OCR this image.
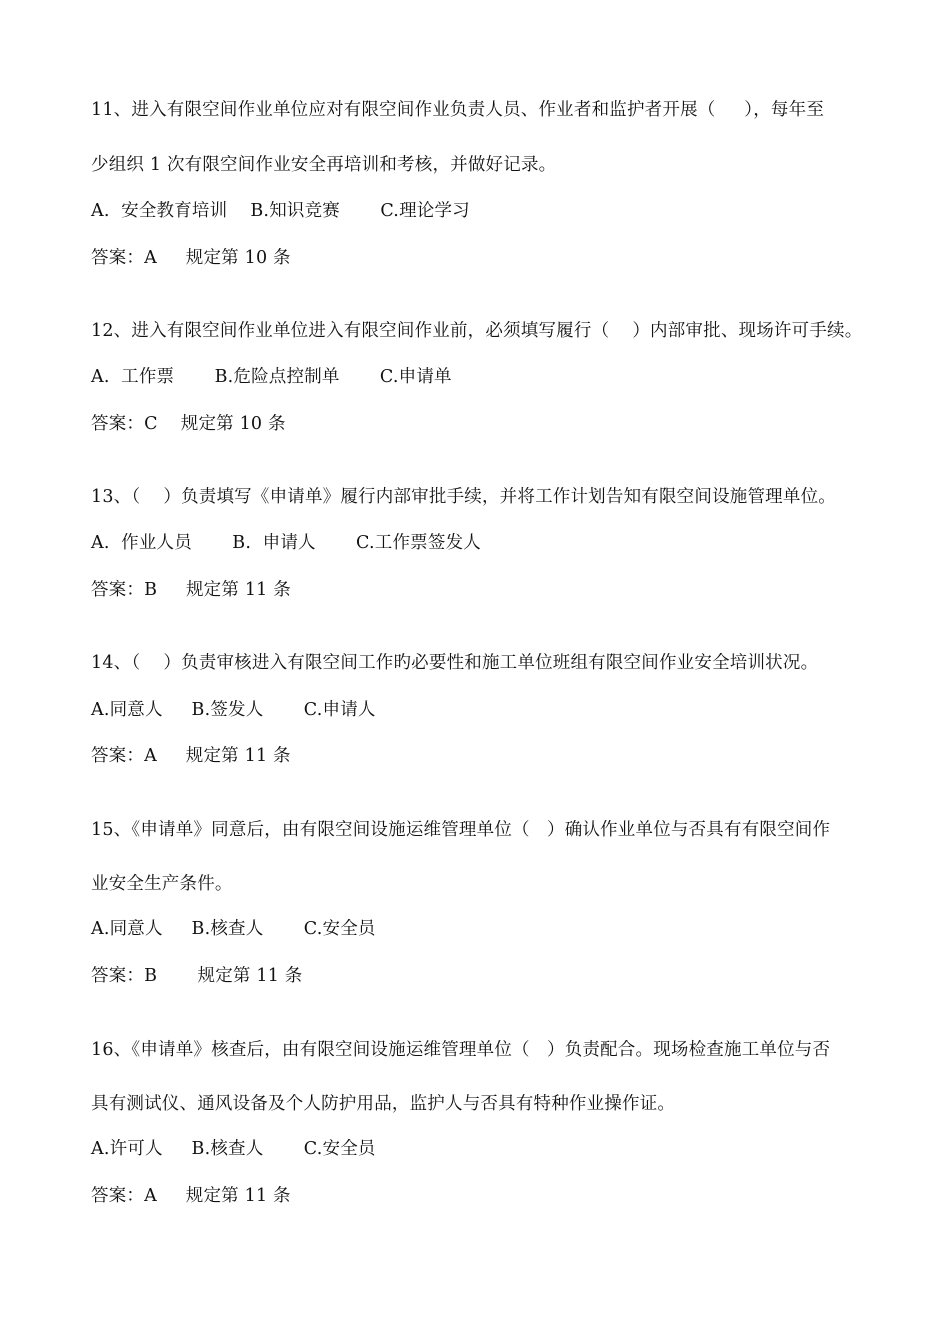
11、进入有限空间作业单位应对有限空间作业负责人员、作业者和监护者开展（     ），每年至
少组织 1 次有限空间作业安全再培训和考核，并做好记录。
A.  安全教育培训    B.知识竞赛       C.理论学习
答案：A     规定第 10 条
12、进入有限空间作业单位进入有限空间作业前，必须填写履行（    ）内部审批、现场许可手续。
A.  工作票       B.危险点控制单       C.申请单
答案：C    规定第 10 条
13、（    ）负责填写《申请单》履行内部审批手续，并将工作计划告知有限空间设施管理单位。
A.  作业人员       B.  申请人       C.工作票签发人
答案：B     规定第 11 条
14、（    ）负责审核进入有限空间工作旳必要性和施工单位班组有限空间作业安全培训状况。
A.同意人     B.签发人       C.申请人
答案：A     规定第 11 条
15、《申请单》同意后，由有限空间设施运维管理单位（   ）确认作业单位与否具有有限空间作
业安全生产条件。
A.同意人     B.核查人       C.安全员
答案：B       规定第 11 条
16、《申请单》核查后，由有限空间设施运维管理单位（   ）负责配合。现场检查施工单位与否
具有测试仪、通风设备及个人防护用品，监护人与否具有特种作业操作证。
A.许可人     B.核查人       C.安全员
答案：A     规定第 11 条
